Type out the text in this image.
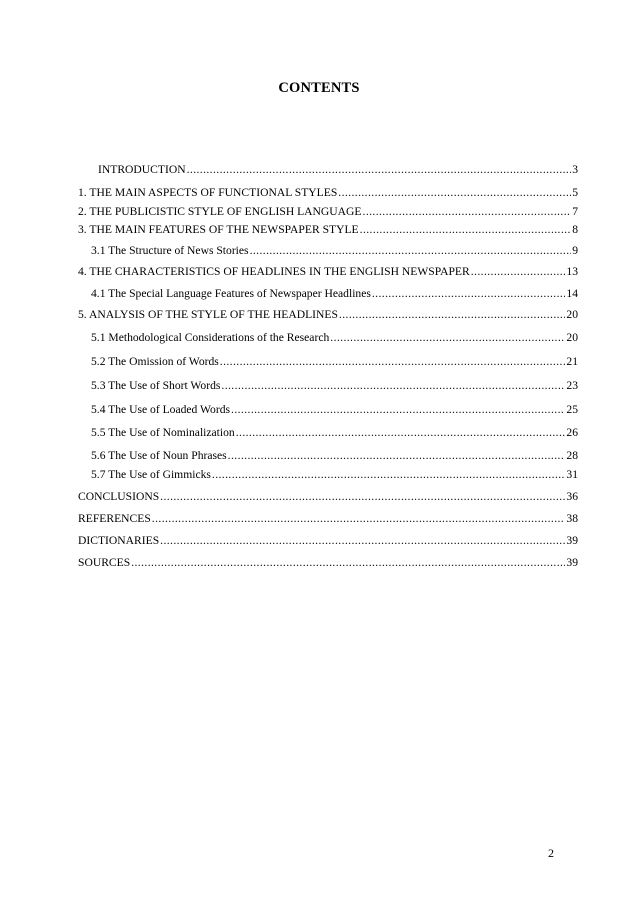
CONTENTS
INTRODUCTION .....	3
1. THE MAIN ASPECTS OF FUNCTIONAL STYLES .....	5
2. THE PUBLICISTIC STYLE OF ENGLISH LANGUAGE .....	7
3. THE MAIN FEATURES OF THE NEWSPAPER STYLE .....	8
3.1 The Structure of News Stories .....	9
4. THE CHARACTERISTICS OF HEADLINES IN THE ENGLISH NEWSPAPER .....	13
4.1 The Special Language Features of Newspaper Headlines .....	14
5. ANALYSIS OF THE STYLE OF THE HEADLINES .....	20
5.1 Methodological Considerations of the Research .....	20
5.2 The Omission of Words .....	21
5.3 The Use of Short Words .....	23
5.4 The Use of Loaded Words .....	25
5.5 The Use of Nominalization .....	26
5.6 The Use of Noun Phrases .....	28
5.7 The Use of Gimmicks .....	31
CONCLUSIONS .....	36
REFERENCES .....	38
DICTIONARIES .....	39
SOURCES .....	39
2
